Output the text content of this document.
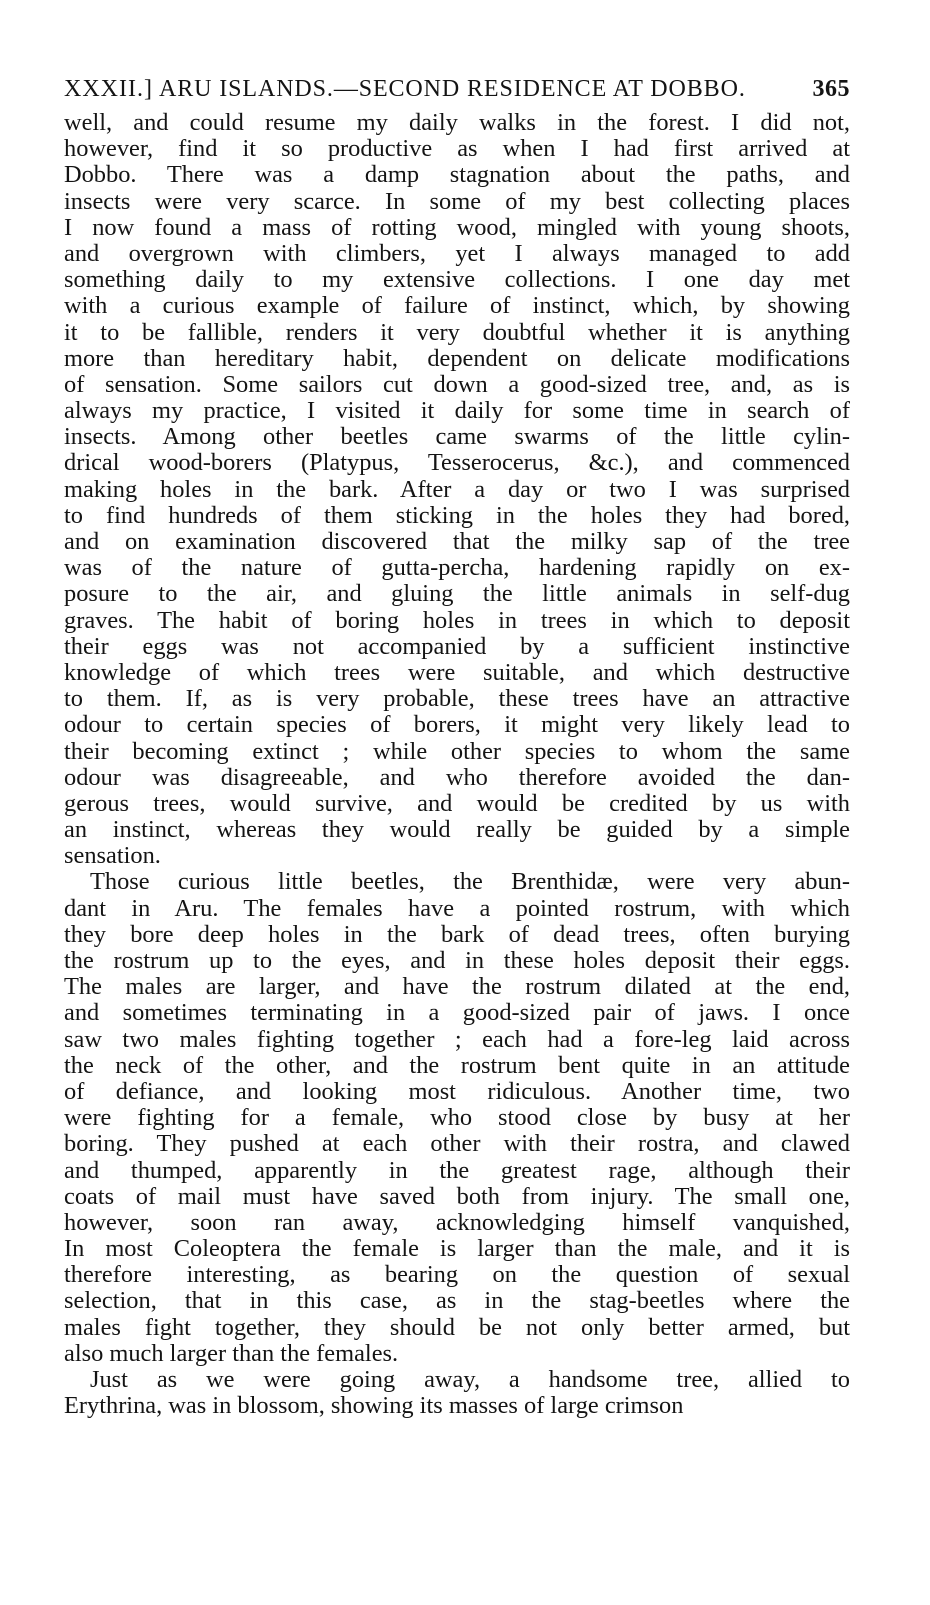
XXXII.] ARU ISLANDS.—SECOND RESIDENCE AT DOBBO.	365

well, and could resume my daily walks in the forest. I did not,
however, find it so productive as when I had first arrived at
Dobbo. There was a damp stagnation about the paths, and
insects were very scarce. In some of my best collecting places
I now found a mass of rotting wood, mingled with young shoots,
and overgrown with climbers, yet I always managed to add
something daily to my extensive collections. I one day met
with a curious example of failure of instinct, which, by showing
it to be fallible, renders it very doubtful whether it is anything
more than hereditary habit, dependent on delicate modifications
of sensation. Some sailors cut down a good-sized tree, and, as is
always my practice, I visited it daily for some time in search of
insects. Among other beetles came swarms of the little cylin-
drical wood-borers (Platypus, Tesserocerus, &c.), and commenced
making holes in the bark. After a day or two I was surprised
to find hundreds of them sticking in the holes they had bored,
and on examination discovered that the milky sap of the tree
was of the nature of gutta-percha, hardening rapidly on ex-
posure to the air, and gluing the little animals in self-dug
graves. The habit of boring holes in trees in which to deposit
their eggs was not accompanied by a sufficient instinctive
knowledge of which trees were suitable, and which destructive
to them. If, as is very probable, these trees have an attractive
odour to certain species of borers, it might very likely lead to
their becoming extinct ; while other species to whom the same
odour was disagreeable, and who therefore avoided the dan-
gerous trees, would survive, and would be credited by us with
an instinct, whereas they would really be guided by a simple
sensation.

Those curious little beetles, the Brenthidæ, were very abun-
dant in Aru. The females have a pointed rostrum, with which
they bore deep holes in the bark of dead trees, often burying
the rostrum up to the eyes, and in these holes deposit their eggs.
The males are larger, and have the rostrum dilated at the end,
and sometimes terminating in a good-sized pair of jaws. I once
saw two males fighting together ; each had a fore-leg laid across
the neck of the other, and the rostrum bent quite in an attitude
of defiance, and looking most ridiculous. Another time, two
were fighting for a female, who stood close by busy at her
boring. They pushed at each other with their rostra, and clawed
and thumped, apparently in the greatest rage, although their
coats of mail must have saved both from injury. The small one,
however, soon ran away, acknowledging himself vanquished,
In most Coleoptera the female is larger than the male, and it is
therefore interesting, as bearing on the question of sexual
selection, that in this case, as in the stag-beetles where the
males fight together, they should be not only better armed, but
also much larger than the females.

Just as we were going away, a handsome tree, allied to
Erythrina, was in blossom, showing its masses of large crimson
